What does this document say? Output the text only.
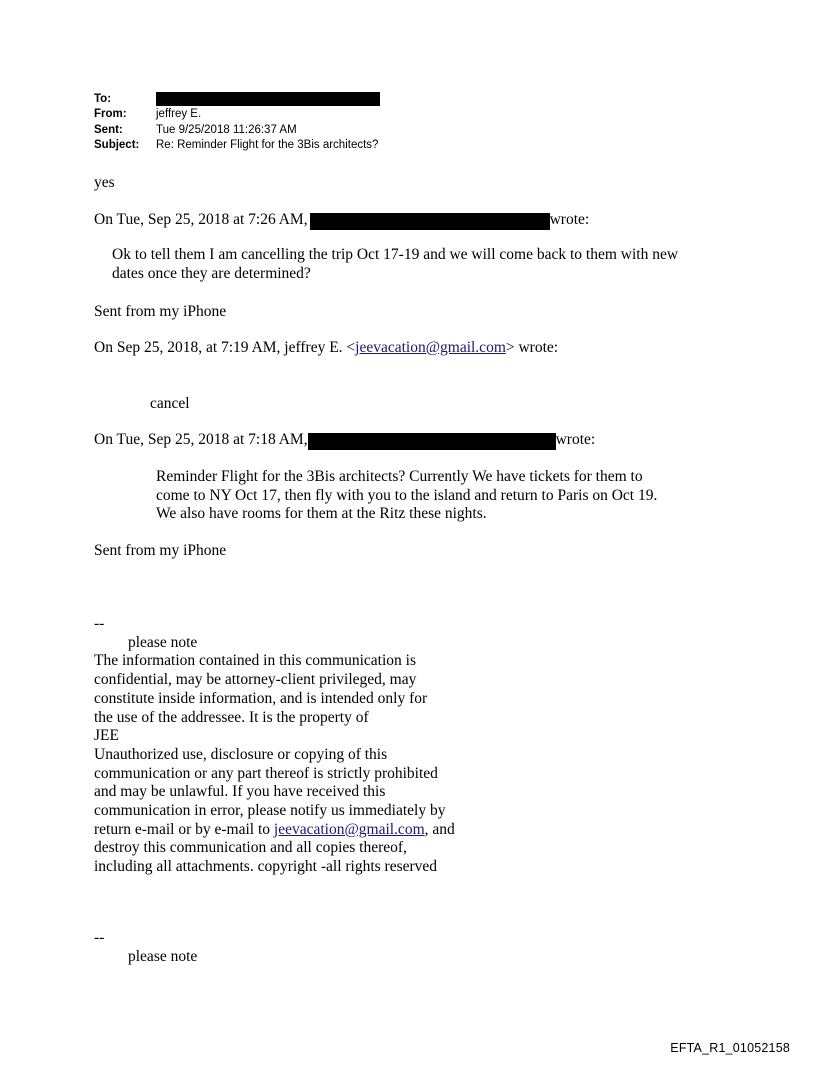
To:
From:	jeffrey E.
Sent:	Tue 9/25/2018 11:26:37 AM
Subject:	Re: Reminder Flight for the 3Bis architects?
yes
On Tue, Sep 25, 2018 at 7:26 AM,	wrote:
Ok to tell them I am cancelling the trip Oct 17-19 and we will come back to them with new dates once they are determined?
Sent from my iPhone
On Sep 25, 2018, at 7:19 AM, jeffrey E. <jeevacation@gmail.com> wrote:
cancel
On Tue, Sep 25, 2018 at 7:18 AM,	wrote:
Reminder Flight for the 3Bis architects? Currently We have tickets for them to come to NY Oct 17, then fly with you to the island and return to Paris on Oct 19. We also have rooms for them at the Ritz these nights.
Sent from my iPhone

--

please note

The information contained in this communication is

confidential, may be attorney-client privileged, may

constitute inside information, and is intended only for

the use of the addressee. It is the property of

JEE

Unauthorized use, disclosure or copying of this

communication or any part thereof is strictly prohibited

and may be unlawful. If you have received this

communication in error, please notify us immediately by

return e-mail or by e-mail to jeevacation@gmail.com, and

destroy this communication and all copies thereof,

including all attachments. copyright -all rights reserved

--

please note

EFTA_R1_01052158
